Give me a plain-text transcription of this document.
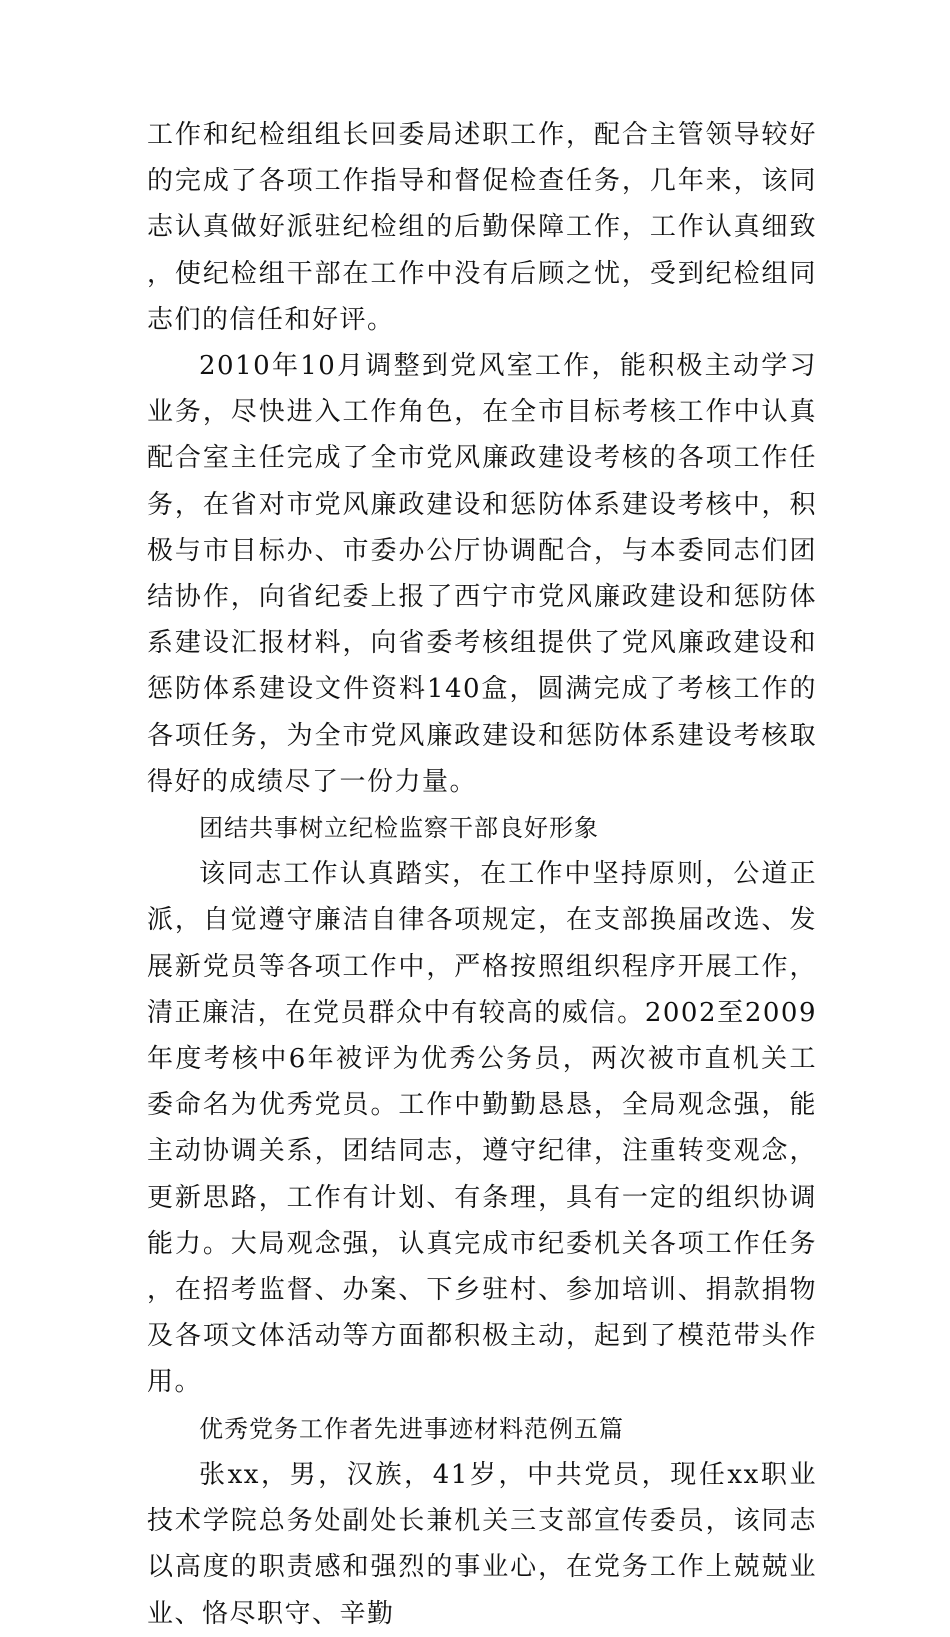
工作和纪检组组长回委局述职工作，配合主管领导较好的完成了各项工作指导和督促检查任务，几年来，该同志认真做好派驻纪检组的后勤保障工作，工作认真细致，使纪检组干部在工作中没有后顾之忧，受到纪检组同志们的信任和好评。

2010年10月调整到党风室工作，能积极主动学习业务，尽快进入工作角色，在全市目标考核工作中认真配合室主任完成了全市党风廉政建设考核的各项工作任务，在省对市党风廉政建设和惩防体系建设考核中，积极与市目标办、市委办公厅协调配合，与本委同志们团结协作，向省纪委上报了西宁市党风廉政建设和惩防体系建设汇报材料，向省委考核组提供了党风廉政建设和惩防体系建设文件资料140盒，圆满完成了考核工作的各项任务，为全市党风廉政建设和惩防体系建设考核取得好的成绩尽了一份力量。

团结共事树立纪检监察干部良好形象

该同志工作认真踏实，在工作中坚持原则，公道正派，自觉遵守廉洁自律各项规定，在支部换届改选、发展新党员等各项工作中，严格按照组织程序开展工作，清正廉洁，在党员群众中有较高的威信。2002至2009年度考核中6年被评为优秀公务员，两次被市直机关工委命名为优秀党员。工作中勤勤恳恳，全局观念强，能主动协调关系，团结同志，遵守纪律，注重转变观念，更新思路，工作有计划、有条理，具有一定的组织协调能力。大局观念强，认真完成市纪委机关各项工作任务，在招考监督、办案、下乡驻村、参加培训、捐款捐物及各项文体活动等方面都积极主动，起到了模范带头作用。

优秀党务工作者先进事迹材料范例五篇

张xx，男，汉族，41岁，中共党员，现任xx职业技术学院总务处副处长兼机关三支部宣传委员，该同志以高度的职责感和强烈的事业心，在党务工作上兢兢业业、恪尽职守、辛勤
